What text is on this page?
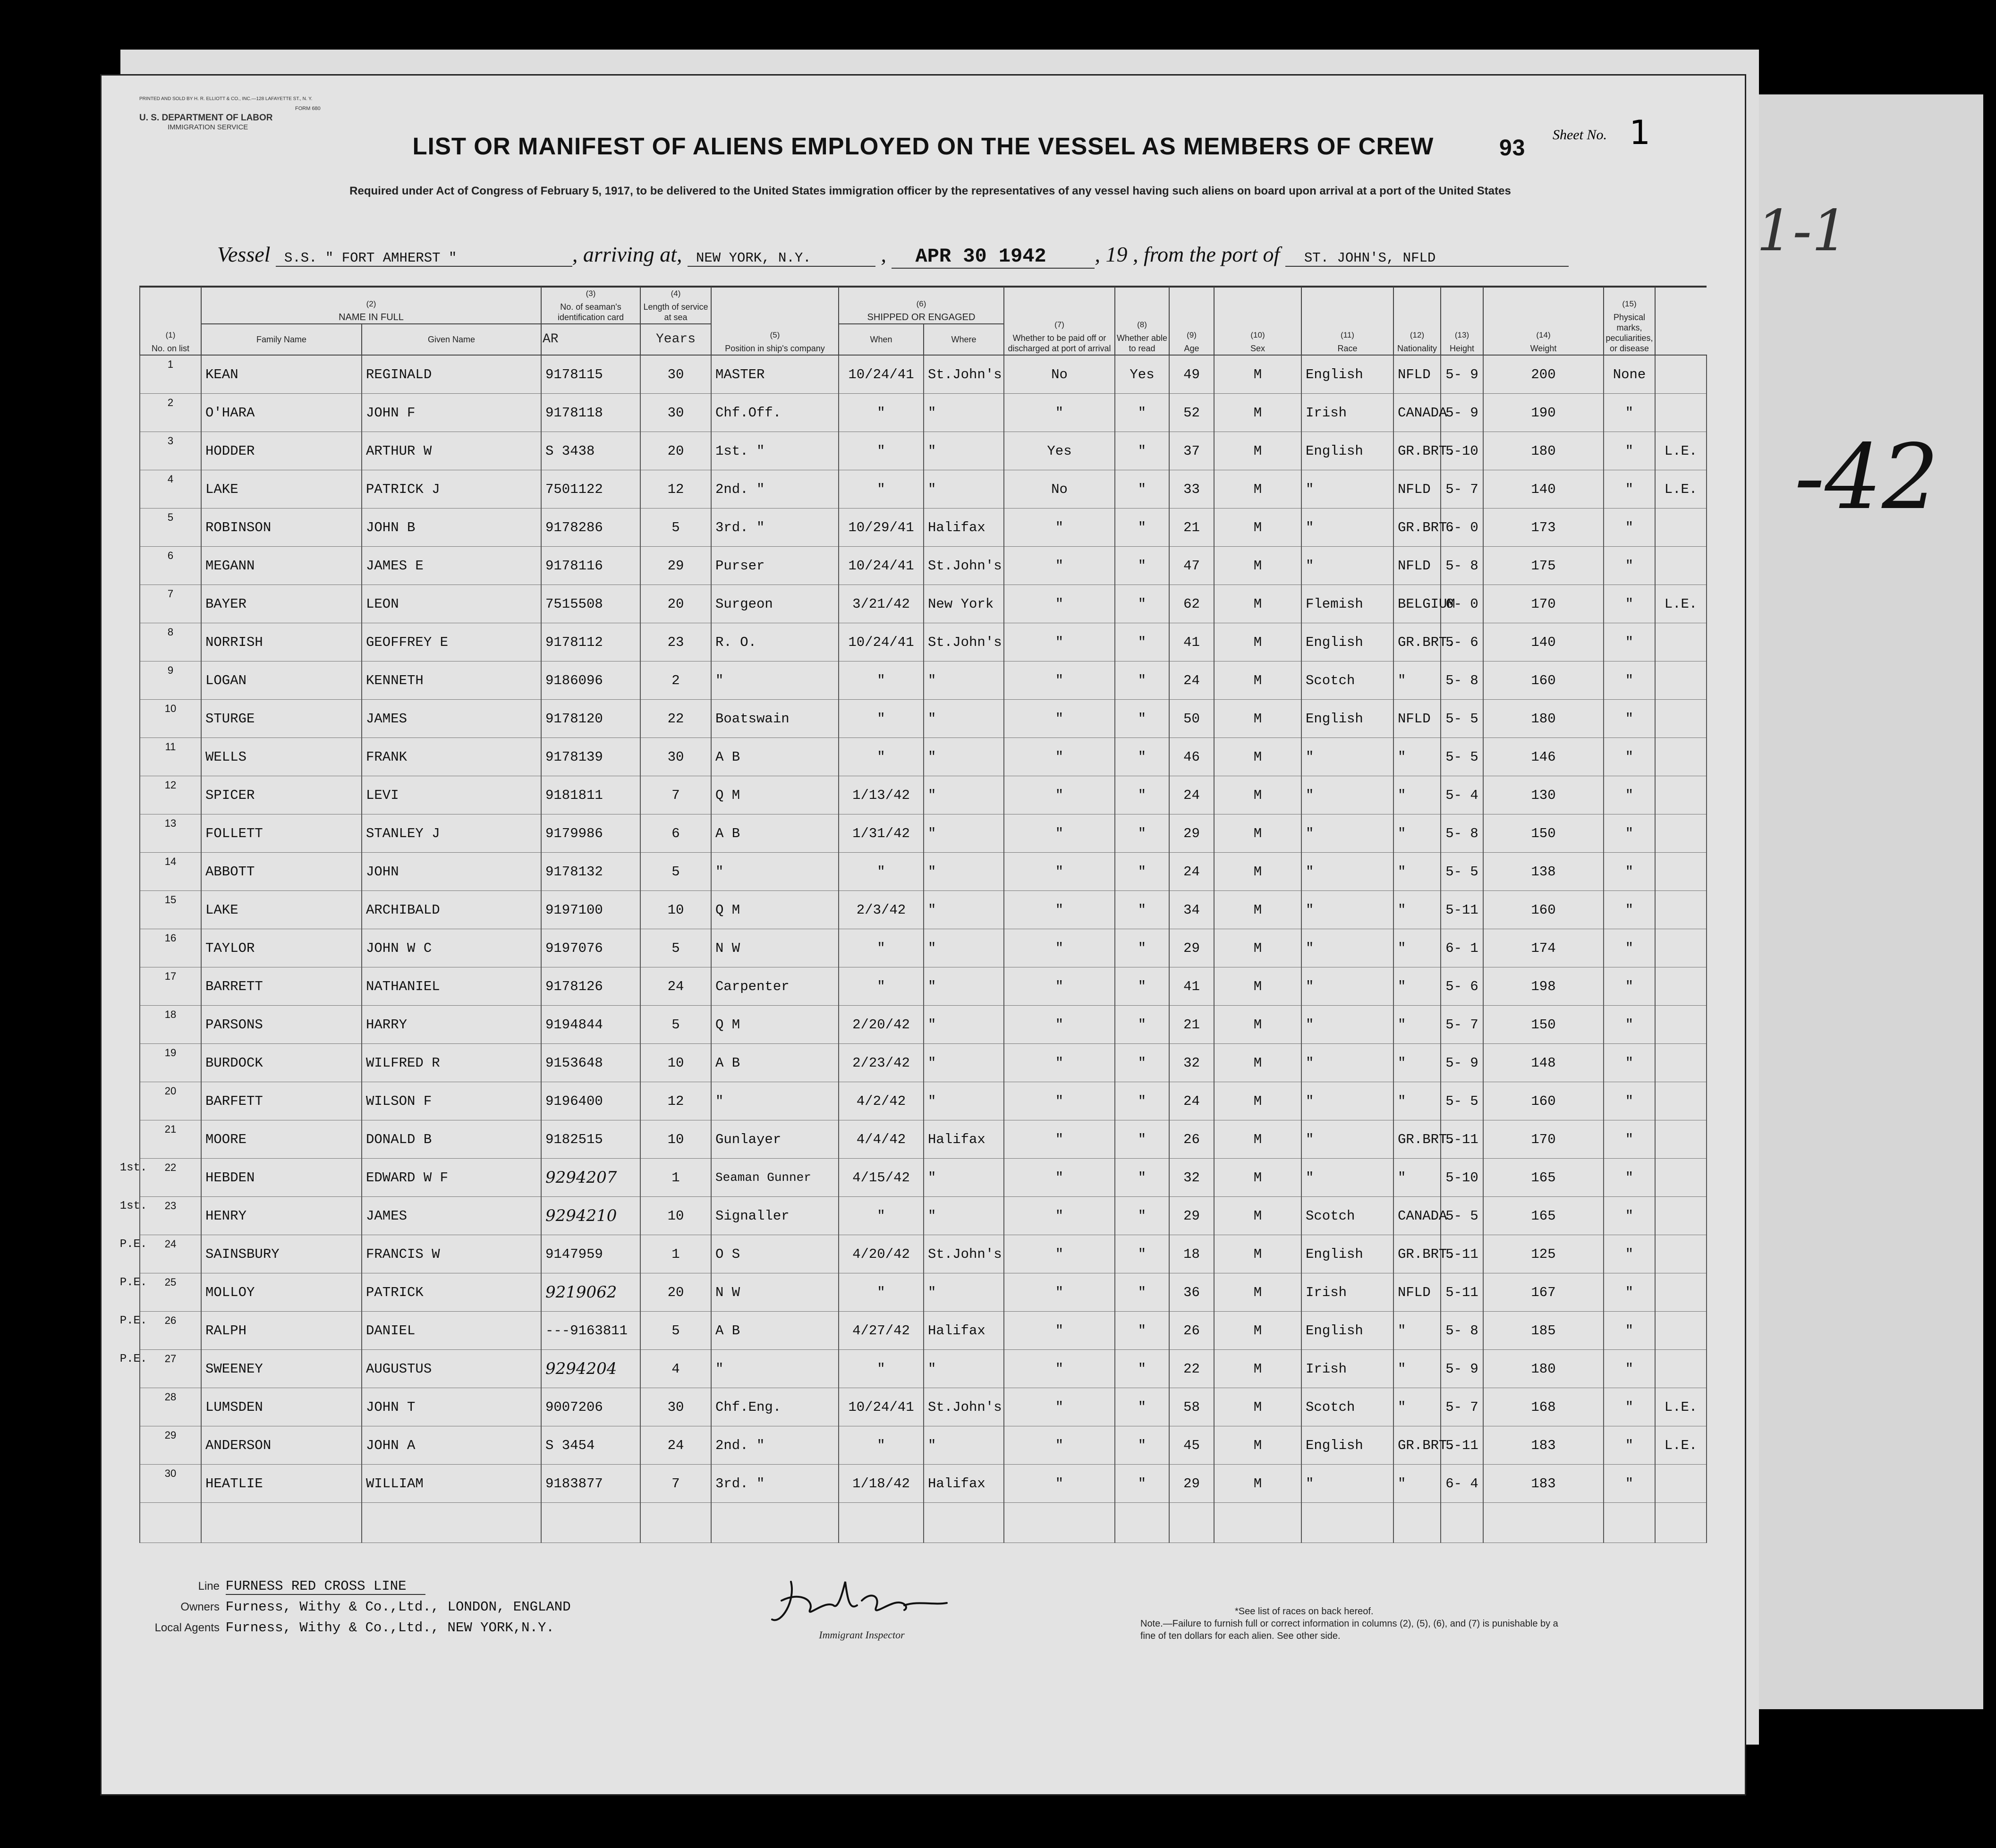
-42
1-1
PRINTED AND SOLD BY H. R. ELLIOTT & CO., INC.—128 LAFAYETTE ST., N. Y.
FORM 680
U. S. DEPARTMENT OF LABOR
IMMIGRATION SERVICE	Sheet No. 1
LIST OR MANIFEST OF ALIENS EMPLOYED ON THE VESSEL AS MEMBERS OF CREW	93
Required under Act of Congress of February 5, 1917, to be delivered to the United States immigration officer by the representatives of any vessel having such aliens on board upon arrival at a port of the United States
Vessel S.S. " FORT AMHERST "	, arriving at, NEW YORK, N.Y.	, APR 30 1942 , 19 , from the port of ST. JOHN'S, NFLD
(1)
No. on list	(2)
NAME IN FULL		(3)
No. of seaman's identification card	(4)
Length of service at sea	(5)
Position in ship's company	(6)
SHIPPED OR ENGAGED		(7)
Whether to be paid off or discharged at port of arrival	(8)
Whether able to read	(9)
Age	(10)
Sex	(11)
Race	(12)
Nationality	(13)
Height	(14)
Weight	(15)
Physical marks, peculiarities, or disease	

	Family Name	Given Name	AR	Years		When	Where										

1	KEAN	REGINALD	9178115	30	MASTER	10/24/41	St.John's	No	Yes	49	M	English	NFLD	5- 9	200	None	

2	O'HARA	JOHN F	9178118	30	Chf.Off.	"	"	"	"	52	M	Irish	CANADA	5- 9	190	"	

3	HODDER	ARTHUR W	S 3438	20	1st. "	"	"	Yes	"	37	M	English	GR.BRT.	5-10	180	"	L.E.

4	LAKE	PATRICK J	7501122	12	2nd. "	"	"	No	"	33	M	"	NFLD	5- 7	140	"	L.E.

5	ROBINSON	JOHN B	9178286	5	3rd. "	10/29/41	Halifax	"	"	21	M	"	GR.BRT.	6- 0	173	"	

6	MEGANN	JAMES E	9178116	29	Purser	10/24/41	St.John's	"	"	47	M	"	NFLD	5- 8	175	"	

7	BAYER	LEON	7515508	20	Surgeon	3/21/42	New York	"	"	62	M	Flemish	BELGIUM	6- 0	170	"	L.E.

8	NORRISH	GEOFFREY E	9178112	23	R. O.	10/24/41	St.John's	"	"	41	M	English	GR.BRT.	5- 6	140	"	

9	LOGAN	KENNETH	9186096	2	"	"	"	"	"	24	M	Scotch	"	5- 8	160	"	

10	STURGE	JAMES	9178120	22	Boatswain	"	"	"	"	50	M	English	NFLD	5- 5	180	"	

11	WELLS	FRANK	9178139	30	A B	"	"	"	"	46	M	"	"	5- 5	146	"	

12	SPICER	LEVI	9181811	7	Q M	1/13/42	"	"	"	24	M	"	"	5- 4	130	"	

13	FOLLETT	STANLEY J	9179986	6	A B	1/31/42	"	"	"	29	M	"	"	5- 8	150	"	

14	ABBOTT	JOHN	9178132	5	"	"	"	"	"	24	M	"	"	5- 5	138	"	

15	LAKE	ARCHIBALD	9197100	10	Q M	2/3/42	"	"	"	34	M	"	"	5-11	160	"	

16	TAYLOR	JOHN W C	9197076	5	N W	"	"	"	"	29	M	"	"	6- 1	174	"	

17	BARRETT	NATHANIEL	9178126	24	Carpenter	"	"	"	"	41	M	"	"	5- 6	198	"	

18	PARSONS	HARRY	9194844	5	Q M	2/20/42	"	"	"	21	M	"	"	5- 7	150	"	

19	BURDOCK	WILFRED R	9153648	10	A B	2/23/42	"	"	"	32	M	"	"	5- 9	148	"	

20	BARFETT	WILSON F	9196400	12	"	4/2/42	"	"	"	24	M	"	"	5- 5	160	"	

21	MOORE	DONALD B	9182515	10	Gunlayer	4/4/42	Halifax	"	"	26	M	"	GR.BRT.	5-11	170	"	

1st. 22	HEBDEN	EDWARD W F	9294207	1	Seaman Gunner	4/15/42	"	"	"	32	M	"	"	5-10	165	"	

1st. 23	HENRY	JAMES	9294210	10	Signaller	"	"	"	"	29	M	Scotch	CANADA	5- 5	165	"	

P.E. 24	SAINSBURY	FRANCIS W	9147959	1	O S	4/20/42	St.John's	"	"	18	M	English	GR.BRT.	5-11	125	"	

P.E. 25	MOLLOY	PATRICK	9219062	20	N W	"	"	"	"	36	M	Irish	NFLD	5-11	167	"	

P.E. 26	RALPH	DANIEL	---9163811	5	A B	4/27/42	Halifax	"	"	26	M	English	"	5- 8	185	"	

P.E. 27	SWEENEY	AUGUSTUS	9294204	4	"	"	"	"	"	22	M	Irish	"	5- 9	180	"	

28	LUMSDEN	JOHN T	9007206	30	Chf.Eng.	10/24/41	St.John's	"	"	58	M	Scotch	"	5- 7	168	"	L.E.

29	ANDERSON	JOHN A	S 3454	24	2nd. "	"	"	"	"	45	M	English	GR.BRT.	5-11	183	"	L.E.

30	HEATLIE	WILLIAM	9183877	7	3rd. "	1/18/42	Halifax	"	"	29	M	"	"	6- 4	183	"	

Line FURNESS RED CROSS LINE
Owners Furness, Withy & Co.,Ltd., LONDON, ENGLAND
Local Agents Furness, Withy & Co.,Ltd., NEW YORK,N.Y.	Immigrant Inspector
*See list of races on back hereof.
Note.—Failure to furnish full or correct information in columns (2), (5), (6), and (7) is punishable by a fine of ten dollars for each alien. See other side.
